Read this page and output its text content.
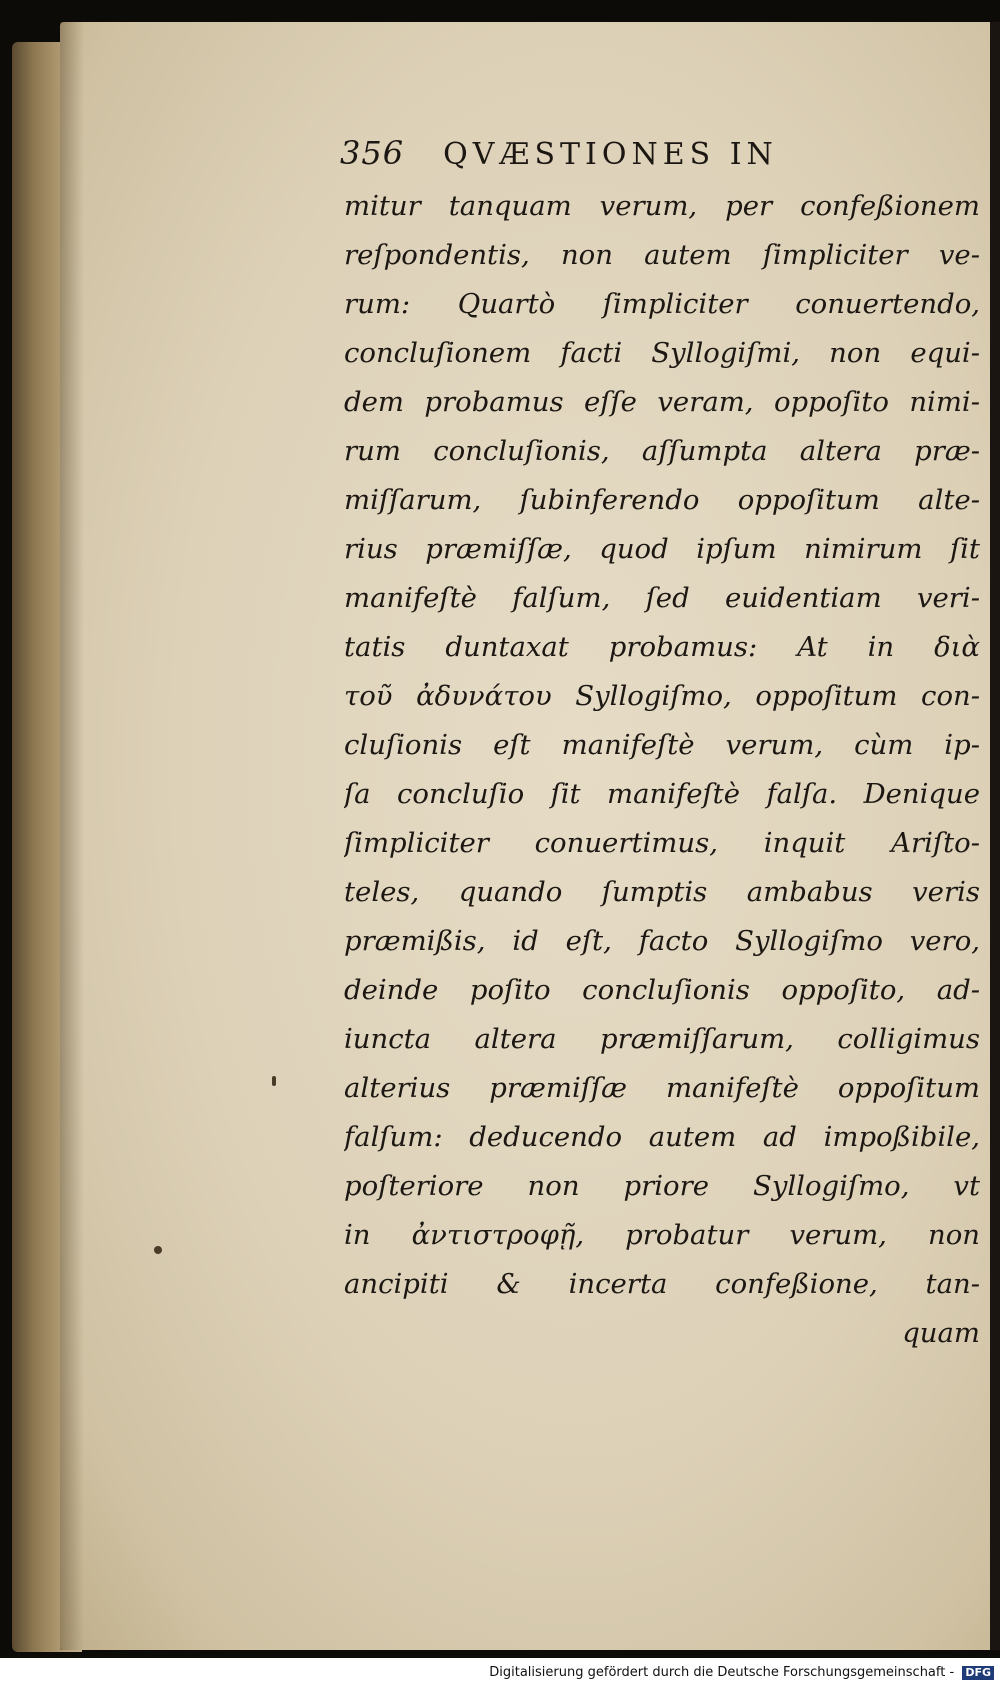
356 QVÆSTIONES IN
mitur tanquam verum, per confeßionem
reſpondentis, non autem ſimpliciter ve-
rum: Quartò ſimpliciter conuertendo,
concluſionem facti Syllogiſmi, non equi-
dem probamus eſſe veram, oppoſito nimi-
rum concluſionis, aſſumpta altera præ-
miſſarum, ſubinferendo oppoſitum alte-
rius præmiſſæ, quod ipſum nimirum ſit
manifeſtè falſum, ſed euidentiam veri-
tatis duntaxat probamus: At in διὰ
τοῦ ἀδυνάτου Syllogiſmo, oppoſitum con-
cluſionis eſt manifeſtè verum, cùm ip-
ſa concluſio ſit manifeſtè falſa. Denique
ſimpliciter conuertimus, inquit Ariſto-
teles, quando ſumptis ambabus veris
præmißis, id eſt, facto Syllogiſmo vero,
deinde poſito concluſionis oppoſito, ad-
iuncta altera præmiſſarum, colligimus
alterius præmiſſæ manifeſtè oppoſitum
falſum: deducendo autem ad impoßibile,
poſteriore non priore Syllogiſmo, vt
in ἀντιστροφῇ, probatur verum, non
ancipiti & incerta confeßione, tan-
quam
Digitalisierung gefördert durch die Deutsche Forschungsgemeinschaft - DFG
